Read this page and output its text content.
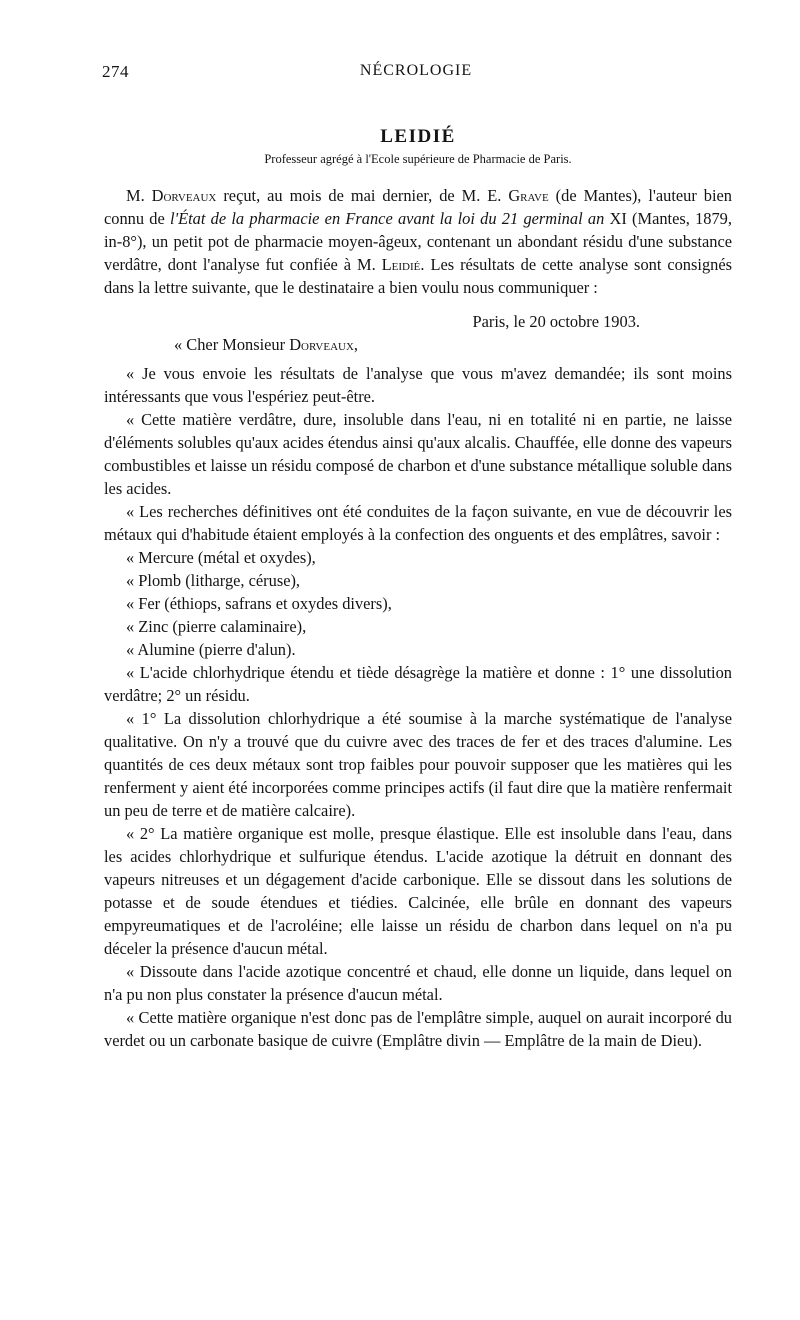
274	NÉCROLOGIE
LEIDIÉ
Professeur agrégé à l'Ecole supérieure de Pharmacie de Paris.

M. Dorveaux reçut, au mois de mai dernier, de M. E. Grave (de Mantes), l'auteur bien connu de l'État de la pharmacie en France avant la loi du 21 germinal an XI (Mantes, 1879, in-8°), un petit pot de pharmacie moyen-âgeux, contenant un abondant résidu d'une substance verdâtre, dont l'analyse fut confiée à M. Leidié. Les résultats de cette analyse sont consignés dans la lettre suivante, que le destinataire a bien voulu nous communiquer :

Paris, le 20 octobre 1903.

« Cher Monsieur Dorveaux,

« Je vous envoie les résultats de l'analyse que vous m'avez demandée; ils sont moins intéressants que vous l'espériez peut-être.

« Cette matière verdâtre, dure, insoluble dans l'eau, ni en totalité ni en partie, ne laisse d'éléments solubles qu'aux acides étendus ainsi qu'aux alcalis. Chauffée, elle donne des vapeurs combustibles et laisse un résidu composé de charbon et d'une substance métallique soluble dans les acides.

« Les recherches définitives ont été conduites de la façon suivante, en vue de découvrir les métaux qui d'habitude étaient employés à la confection des onguents et des emplâtres, savoir :

« Mercure (métal et oxydes),

« Plomb (litharge, céruse),

« Fer (éthiops, safrans et oxydes divers),

« Zinc (pierre calaminaire),

« Alumine (pierre d'alun).

« L'acide chlorhydrique étendu et tiède désagrège la matière et donne : 1° une dissolution verdâtre; 2° un résidu.

« 1° La dissolution chlorhydrique a été soumise à la marche systématique de l'analyse qualitative. On n'y a trouvé que du cuivre avec des traces de fer et des traces d'alumine. Les quantités de ces deux métaux sont trop faibles pour pouvoir supposer que les matières qui les renferment y aient été incorporées comme principes actifs (il faut dire que la matière renfermait un peu de terre et de matière calcaire).

« 2° La matière organique est molle, presque élastique. Elle est insoluble dans l'eau, dans les acides chlorhydrique et sulfurique étendus. L'acide azotique la détruit en donnant des vapeurs nitreuses et un dégagement d'acide carbonique. Elle se dissout dans les solutions de potasse et de soude étendues et tiédies. Calcinée, elle brûle en donnant des vapeurs empyreumatiques et de l'acroléine; elle laisse un résidu de charbon dans lequel on n'a pu déceler la présence d'aucun métal.

« Dissoute dans l'acide azotique concentré et chaud, elle donne un liquide, dans lequel on n'a pu non plus constater la présence d'aucun métal.

« Cette matière organique n'est donc pas de l'emplâtre simple, auquel on aurait incorporé du verdet ou un carbonate basique de cuivre (Emplâtre divin — Emplâtre de la main de Dieu).
